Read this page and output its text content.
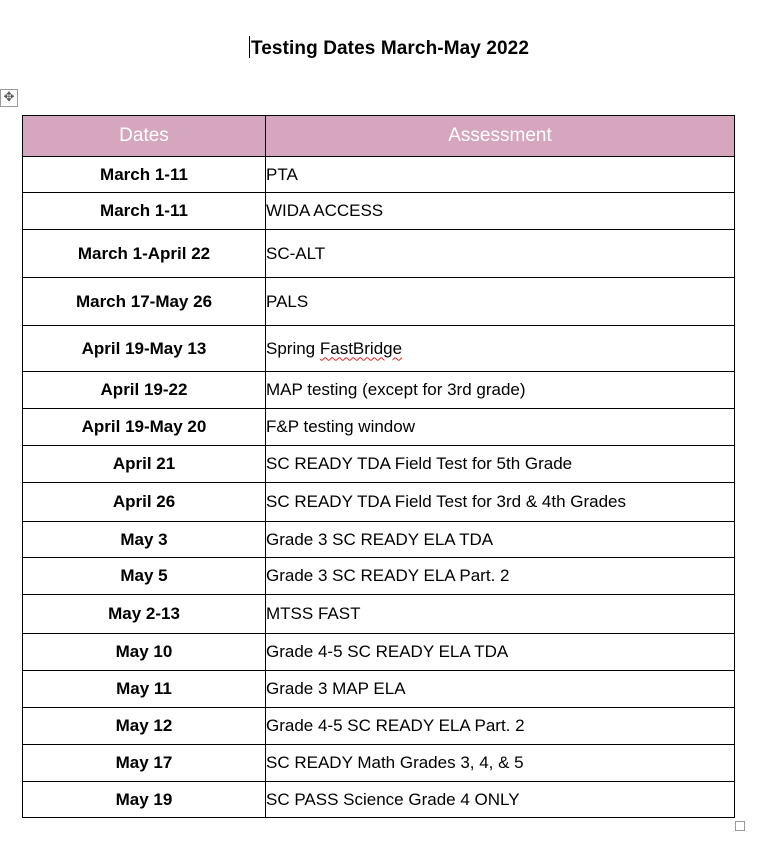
Testing Dates March-May 2022
✥
Dates	Assessment
March 1-11	PTA
March 1-11	WIDA ACCESS
March 1-April 22	SC-ALT
March 17-May 26	PALS
April 19-May 13	Spring FastBridge
April 19-22	MAP testing (except for 3rd grade)
April 19-May 20	F&P testing window
April 21	SC READY TDA Field Test for 5th Grade
April 26	SC READY TDA Field Test for 3rd & 4th Grades
May 3	Grade 3 SC READY ELA TDA
May 5	Grade 3 SC READY ELA Part. 2
May 2-13	MTSS FAST
May 10	Grade 4-5 SC READY ELA TDA
May 11	Grade 3 MAP ELA
May 12	Grade 4-5 SC READY ELA Part. 2
May 17	SC READY Math Grades 3, 4, & 5
May 19	SC PASS Science Grade 4 ONLY
